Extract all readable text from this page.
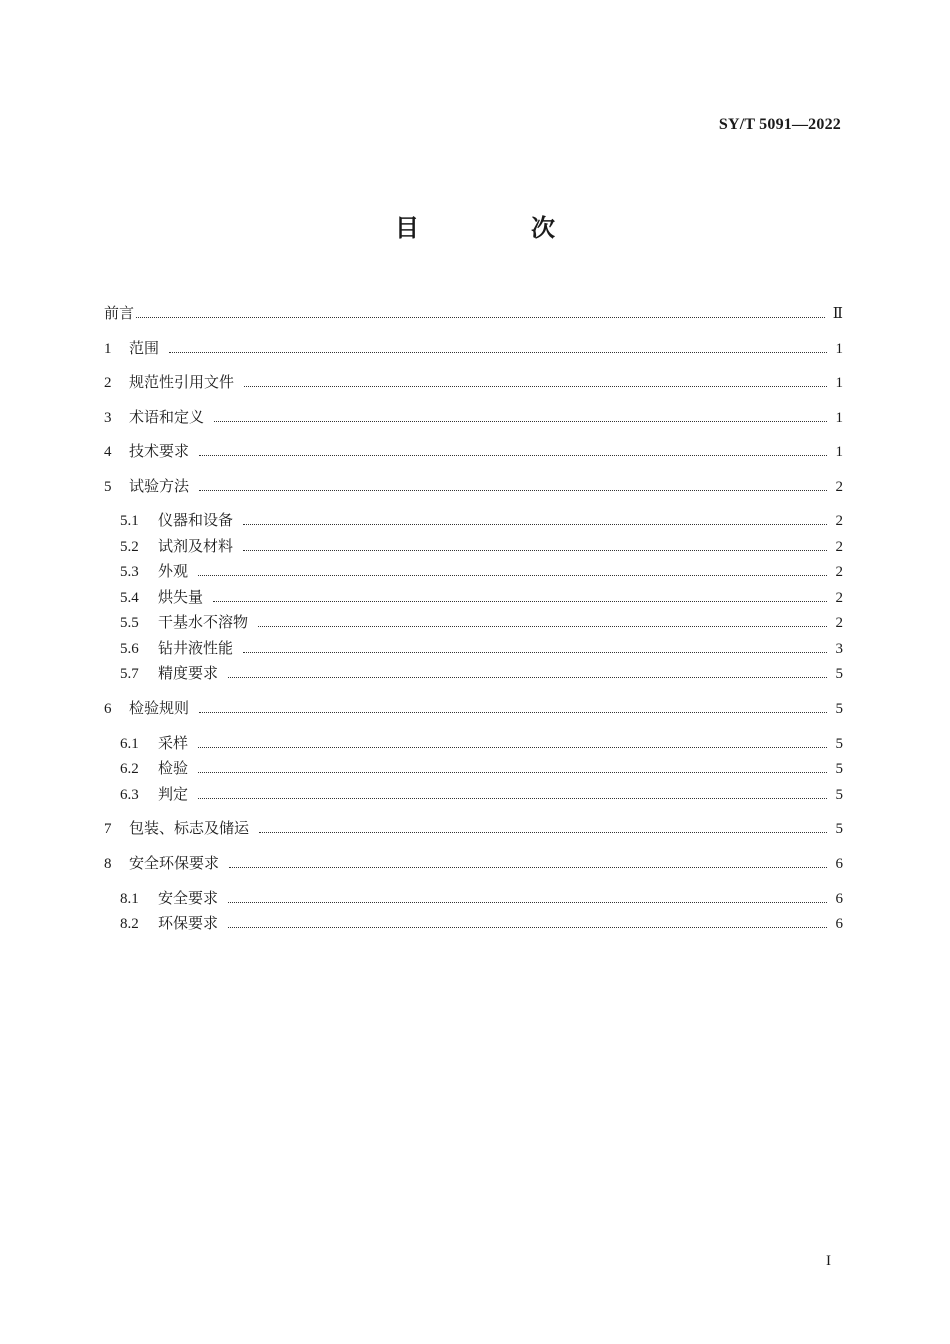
SY/T 5091—2022
目　次
前言	Ⅱ
1	范围	1
2	规范性引用文件	1
3	术语和定义	1
4	技术要求	1
5	试验方法	2
5.1	仪器和设备	2
5.2	试剂及材料	2
5.3	外观	2
5.4	烘失量	2
5.5	干基水不溶物	2
5.6	钻井液性能	3
5.7	精度要求	5
6	检验规则	5
6.1	采样	5
6.2	检验	5
6.3	判定	5
7	包装、标志及储运	5
8	安全环保要求	6
8.1	安全要求	6
8.2	环保要求	6
I
